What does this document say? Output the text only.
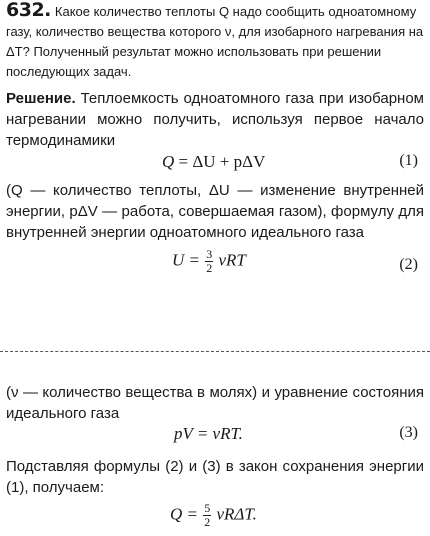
632. Какое количество теплоты Q надо сообщить одноатомному газу, количество вещества которого ν, для изобарного нагревания на ΔT? Полученный результат можно использовать при решении последующих задач.
Решение. Теплоемкость одноатомного газа при изобарном нагревании можно получить, используя первое начало термодинамики
Q = ΔU + pΔV	(1)
(Q — количество теплоты, ΔU — изменение внутренней энергии, pΔV — работа, совершаемая газом), формулу для внутренней энергии одноатомного идеального газа
$U = \frac{3}{2}$ νRT	(2)
(ν — количество вещества в молях) и уравнение состояния идеального газа
pV = νRT.	(3)
Подставляя формулы (2) и (3) в закон сохранения энергии (1), получаем:
$Q = \frac{5}{2} \nu R\Delta T$.
